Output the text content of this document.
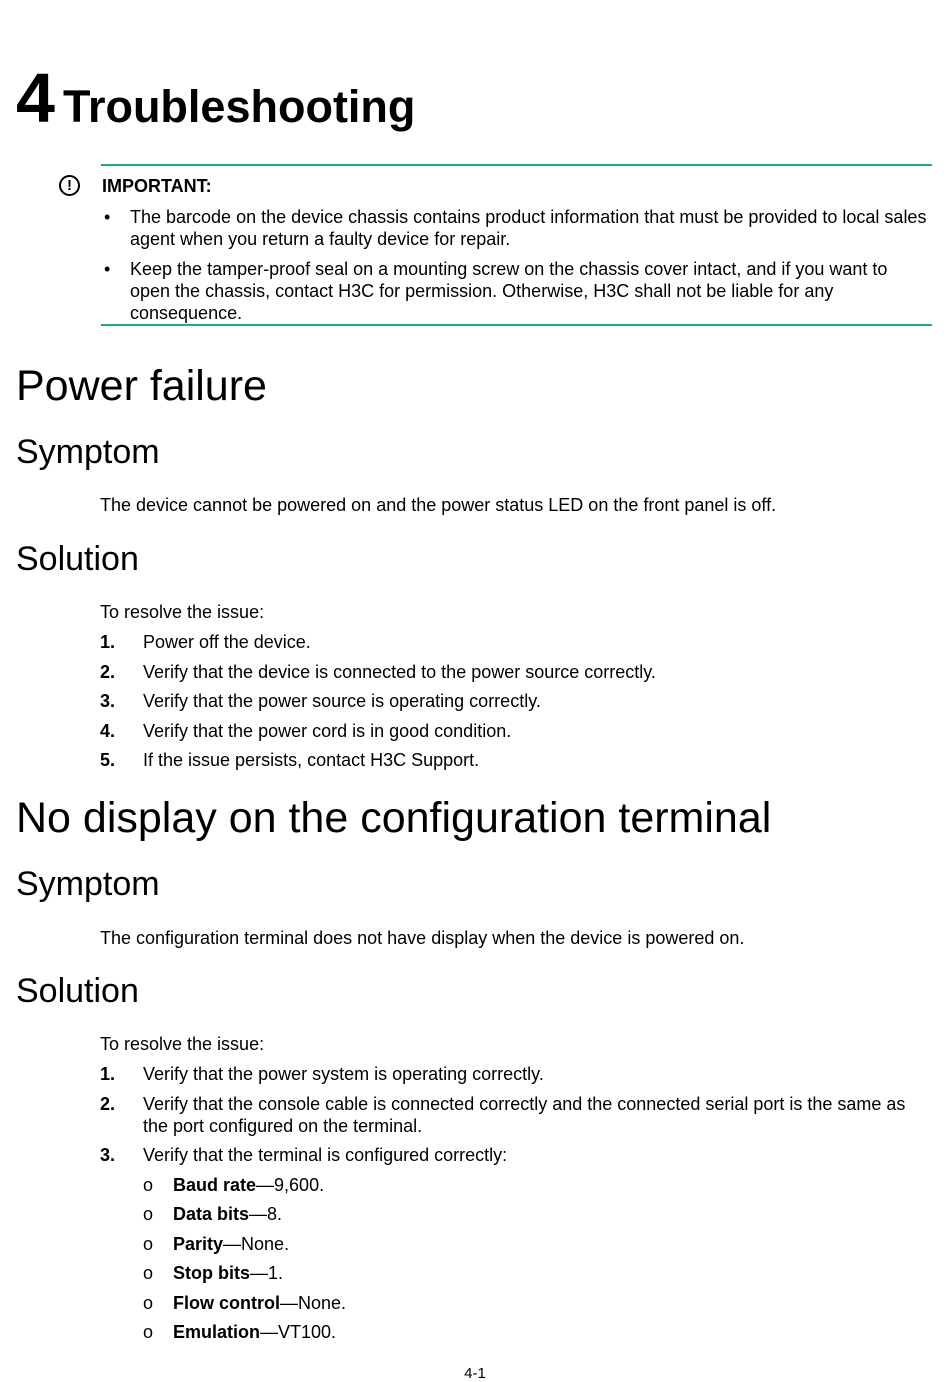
4 Troubleshooting
!	IMPORTANT:
• The barcode on the device chassis contains product information that must be provided to local sales agent when you return a faulty device for repair.
• Keep the tamper-proof seal on a mounting screw on the chassis cover intact, and if you want to open the chassis, contact H3C for permission. Otherwise, H3C shall not be liable for any consequence.
Power failure
Symptom
The device cannot be powered on and the power status LED on the front panel is off.
Solution
To resolve the issue:
1. Power off the device.
2. Verify that the device is connected to the power source correctly.
3. Verify that the power source is operating correctly.
4. Verify that the power cord is in good condition.
5. If the issue persists, contact H3C Support.
No display on the configuration terminal
Symptom
The configuration terminal does not have display when the device is powered on.
Solution
To resolve the issue:
1. Verify that the power system is operating correctly.
2. Verify that the console cable is connected correctly and the connected serial port is the same as the port configured on the terminal.
3. Verify that the terminal is configured correctly:
o Baud rate—9,600.
o Data bits—8.
o Parity—None.
o Stop bits—1.
o Flow control—None.
o Emulation—VT100.
4-1
